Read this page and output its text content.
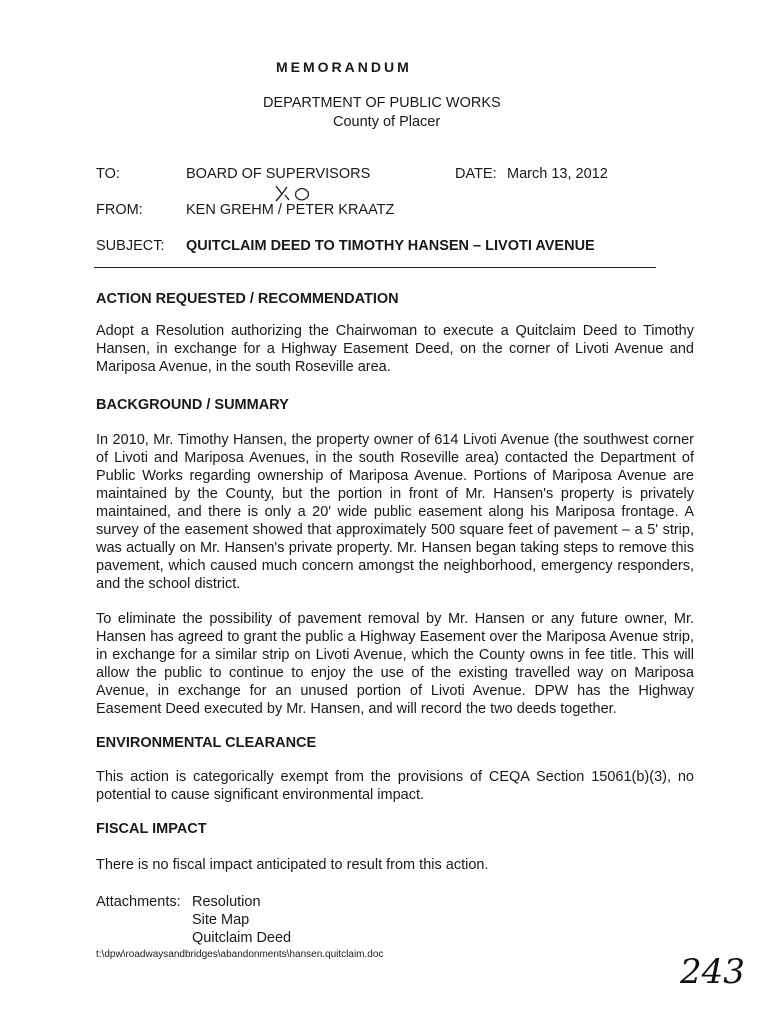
MEMORANDUM
DEPARTMENT OF PUBLIC WORKS
County of Placer
TO:	BOARD OF SUPERVISORS	DATE: March 13, 2012
FROM:	KEN GREHM / PETER KRAATZ
SUBJECT: QUITCLAIM DEED TO TIMOTHY HANSEN – LIVOTI AVENUE
ACTION REQUESTED / RECOMMENDATION
Adopt a Resolution authorizing the Chairwoman to execute a Quitclaim Deed to Timothy Hansen, in exchange for a Highway Easement Deed, on the corner of Livoti Avenue and Mariposa Avenue, in the south Roseville area.
BACKGROUND / SUMMARY
In 2010, Mr. Timothy Hansen, the property owner of 614 Livoti Avenue (the southwest corner of Livoti and Mariposa Avenues, in the south Roseville area) contacted the Department of Public Works regarding ownership of Mariposa Avenue. Portions of Mariposa Avenue are maintained by the County, but the portion in front of Mr. Hansen's property is privately maintained, and there is only a 20' wide public easement along his Mariposa frontage. A survey of the easement showed that approximately 500 square feet of pavement – a 5' strip, was actually on Mr. Hansen's private property. Mr. Hansen began taking steps to remove this pavement, which caused much concern amongst the neighborhood, emergency responders, and the school district.
To eliminate the possibility of pavement removal by Mr. Hansen or any future owner, Mr. Hansen has agreed to grant the public a Highway Easement over the Mariposa Avenue strip, in exchange for a similar strip on Livoti Avenue, which the County owns in fee title. This will allow the public to continue to enjoy the use of the existing travelled way on Mariposa Avenue, in exchange for an unused portion of Livoti Avenue. DPW has the Highway Easement Deed executed by Mr. Hansen, and will record the two deeds together.
ENVIRONMENTAL CLEARANCE
This action is categorically exempt from the provisions of CEQA Section 15061(b)(3), no potential to cause significant environmental impact.
FISCAL IMPACT
There is no fiscal impact anticipated to result from this action.
Attachments: Resolution
Site Map
Quitclaim Deed
t:\dpw\roadwaysandbridges\abandonments\hansen.quitclaim.doc	243
